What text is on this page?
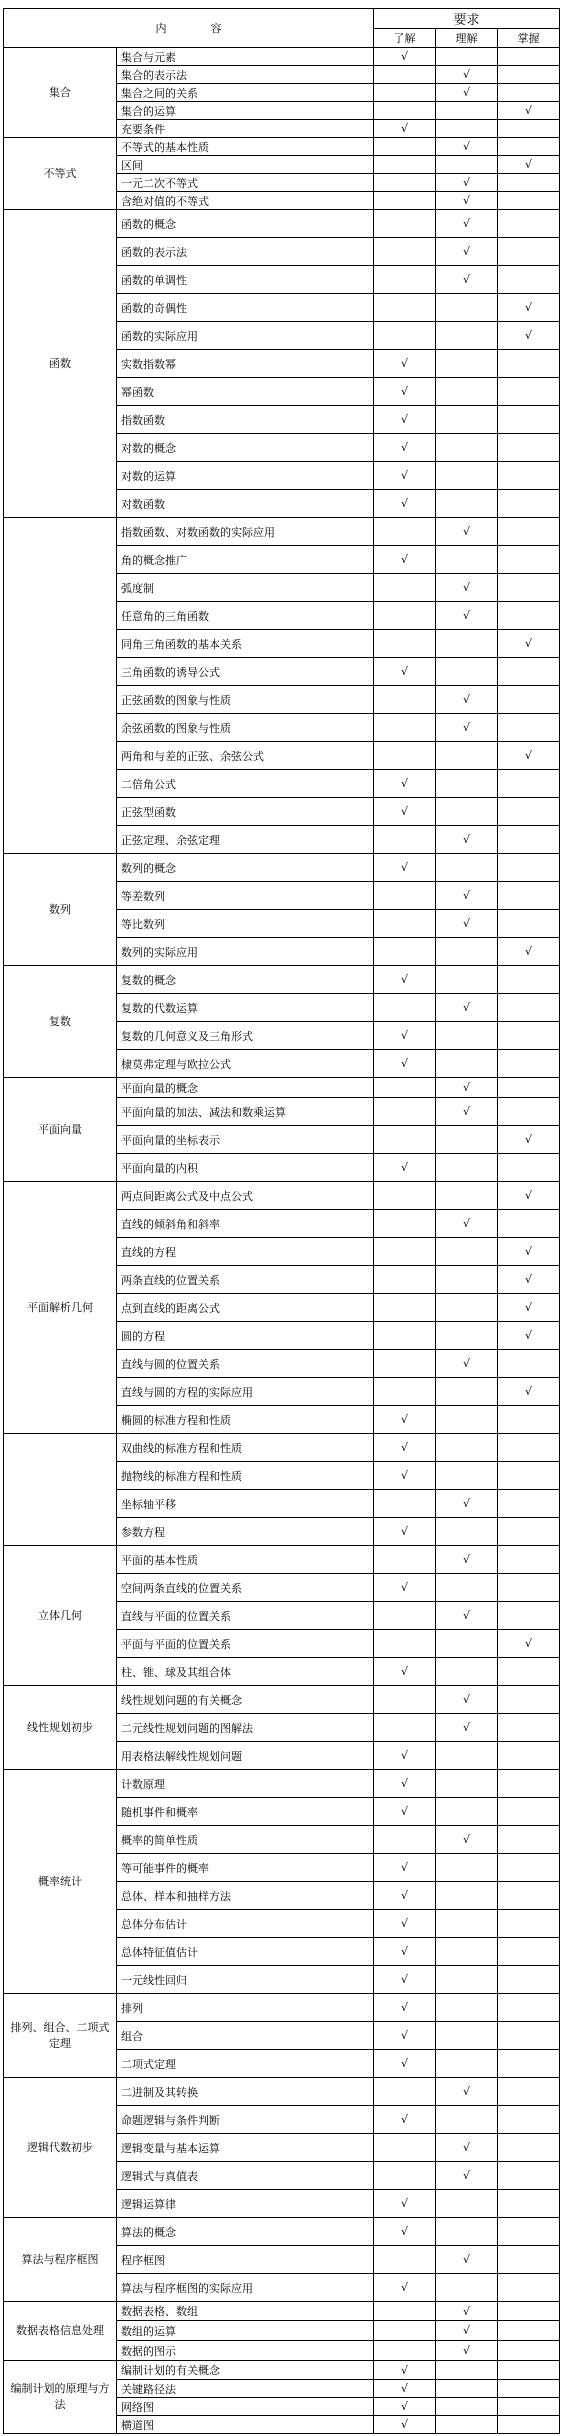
内　　　　容		要求		
		了解	理解	掌握
集合	集合与元素	√		
	集合的表示法		√	
	集合之间的关系		√	
	集合的运算			√
	充要条件	√		
不等式	不等式的基本性质		√	
	区间			√
	一元二次不等式		√	
	含绝对值的不等式		√	
函数	函数的概念		√	
	函数的表示法		√	
	函数的单调性		√	
	函数的奇偶性			√
	函数的实际应用			√
	实数指数幂	√		
	幂函数	√		
	指数函数	√		
	对数的概念	√		
	对数的运算	√		
	对数函数	√		
	指数函数、对数函数的实际应用		√	
	角的概念推广	√		
	弧度制		√	
	任意角的三角函数		√	
	同角三角函数的基本关系			√
	三角函数的诱导公式	√		
	正弦函数的图象与性质		√	
	余弦函数的图象与性质		√	
	两角和与差的正弦、余弦公式			√
	二倍角公式	√		
	正弦型函数	√		
	正弦定理、余弦定理		√	
数列	数列的概念	√		
	等差数列		√	
	等比数列		√	
	数列的实际应用			√
复数	复数的概念	√		
	复数的代数运算		√	
	复数的几何意义及三角形式	√		
	棣莫弗定理与欧拉公式	√		
平面向量	平面向量的概念		√	
	平面向量的加法、减法和数乘运算		√	
	平面向量的坐标表示			√
	平面向量的内积	√		
平面解析几何	两点间距离公式及中点公式			√
	直线的倾斜角和斜率		√	
	直线的方程			√
	两条直线的位置关系			√
	点到直线的距离公式			√
	圆的方程			√
	直线与圆的位置关系		√	
	直线与圆的方程的实际应用			√
	椭圆的标准方程和性质	√		
	双曲线的标准方程和性质	√		
	抛物线的标准方程和性质	√		
	坐标轴平移		√	
	参数方程	√		
立体几何	平面的基本性质		√	
	空间两条直线的位置关系	√		
	直线与平面的位置关系		√	
	平面与平面的位置关系			√
	柱、锥、球及其组合体	√		
线性规划初步	线性规划问题的有关概念		√	
	二元线性规划问题的图解法		√	
	用表格法解线性规划问题	√		
概率统计	计数原理	√		
	随机事件和概率	√		
	概率的简单性质		√	
	等可能事件的概率	√		
	总体、样本和抽样方法	√		
	总体分布估计	√		
	总体特征值估计	√		
	一元线性回归	√		
排列、组合、二项式定理	排列	√		
	组合	√		
	二项式定理	√		
逻辑代数初步	二进制及其转换		√	
	命题逻辑与条件判断	√		
	逻辑变量与基本运算		√	
	逻辑式与真值表		√	
	逻辑运算律	√		
算法与程序框图	算法的概念	√		
	程序框图		√	
	算法与程序框图的实际应用	√		
数据表格信息处理	数据表格、数组		√	
	数组的运算		√	
	数据的图示		√	
编制计划的原理与方法	编制计划的有关概念	√		
	关键路径法	√		
	网络图	√		
	横道图	√		
